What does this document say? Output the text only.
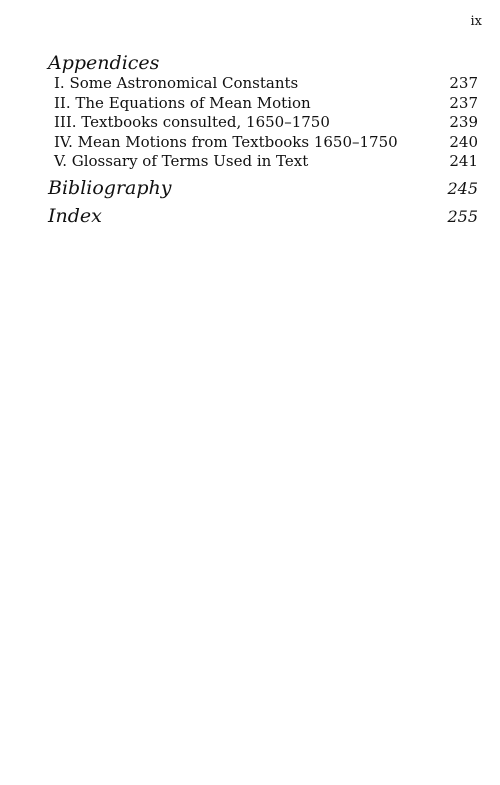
ix
Appendices
I. Some Astronomical Constants	237
II. The Equations of Mean Motion	237
III. Textbooks consulted, 1650–1750	239
IV. Mean Motions from Textbooks 1650–1750	240
V. Glossary of Terms Used in Text	241
Bibliography	245
Index	255
